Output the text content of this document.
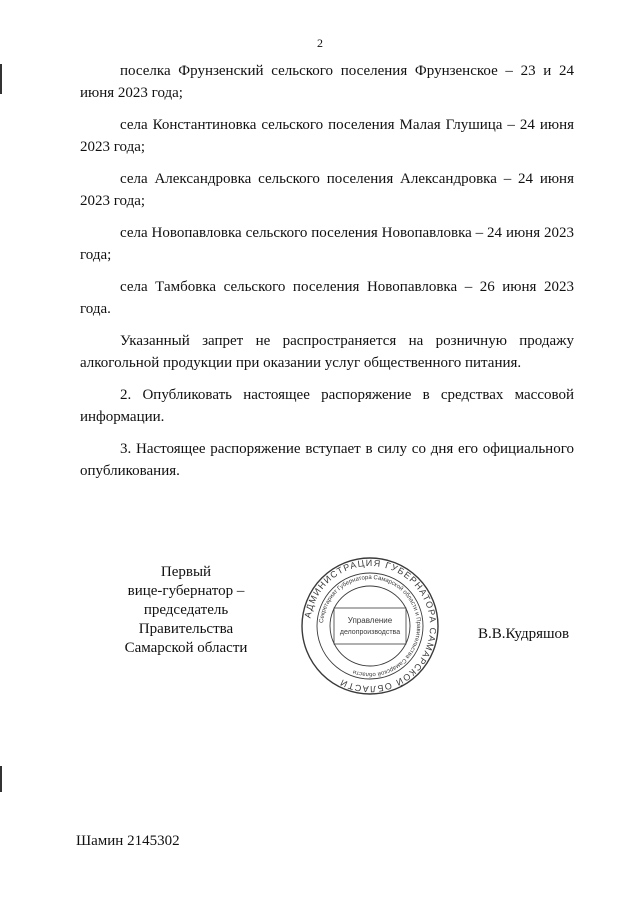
2

поселка Фрунзенский сельского поселения Фрунзенское – 23 и 24 июня 2023 года;

села Константиновка сельского поселения Малая Глушица – 24 июня 2023 года;

села Александровка сельского поселения Александровка – 24 июня 2023 года;

села Новопавловка сельского поселения Новопавловка – 24 июня 2023 года;

села Тамбовка сельского поселения Новопавловка – 26 июня 2023 года.

Указанный запрет не распространяется на розничную продажу алкогольной продукции при оказании услуг общественного питания.

2. Опубликовать настоящее распоряжение в средствах массовой информации.

3. Настоящее распоряжение вступает в силу со дня его официального опубликования.

Первый
вице-губернатор –
председатель Правительства
Самарской области
АДМИНИСТРАЦИЯ ГУБЕРНАТОРА САМАРСКОЙ ОБЛАСТИ
Секретариат Губернатора Самарской области и Правительства Самарской области
Управление
делопроизводства	В.В.Кудряшов
Шамин 2145302
